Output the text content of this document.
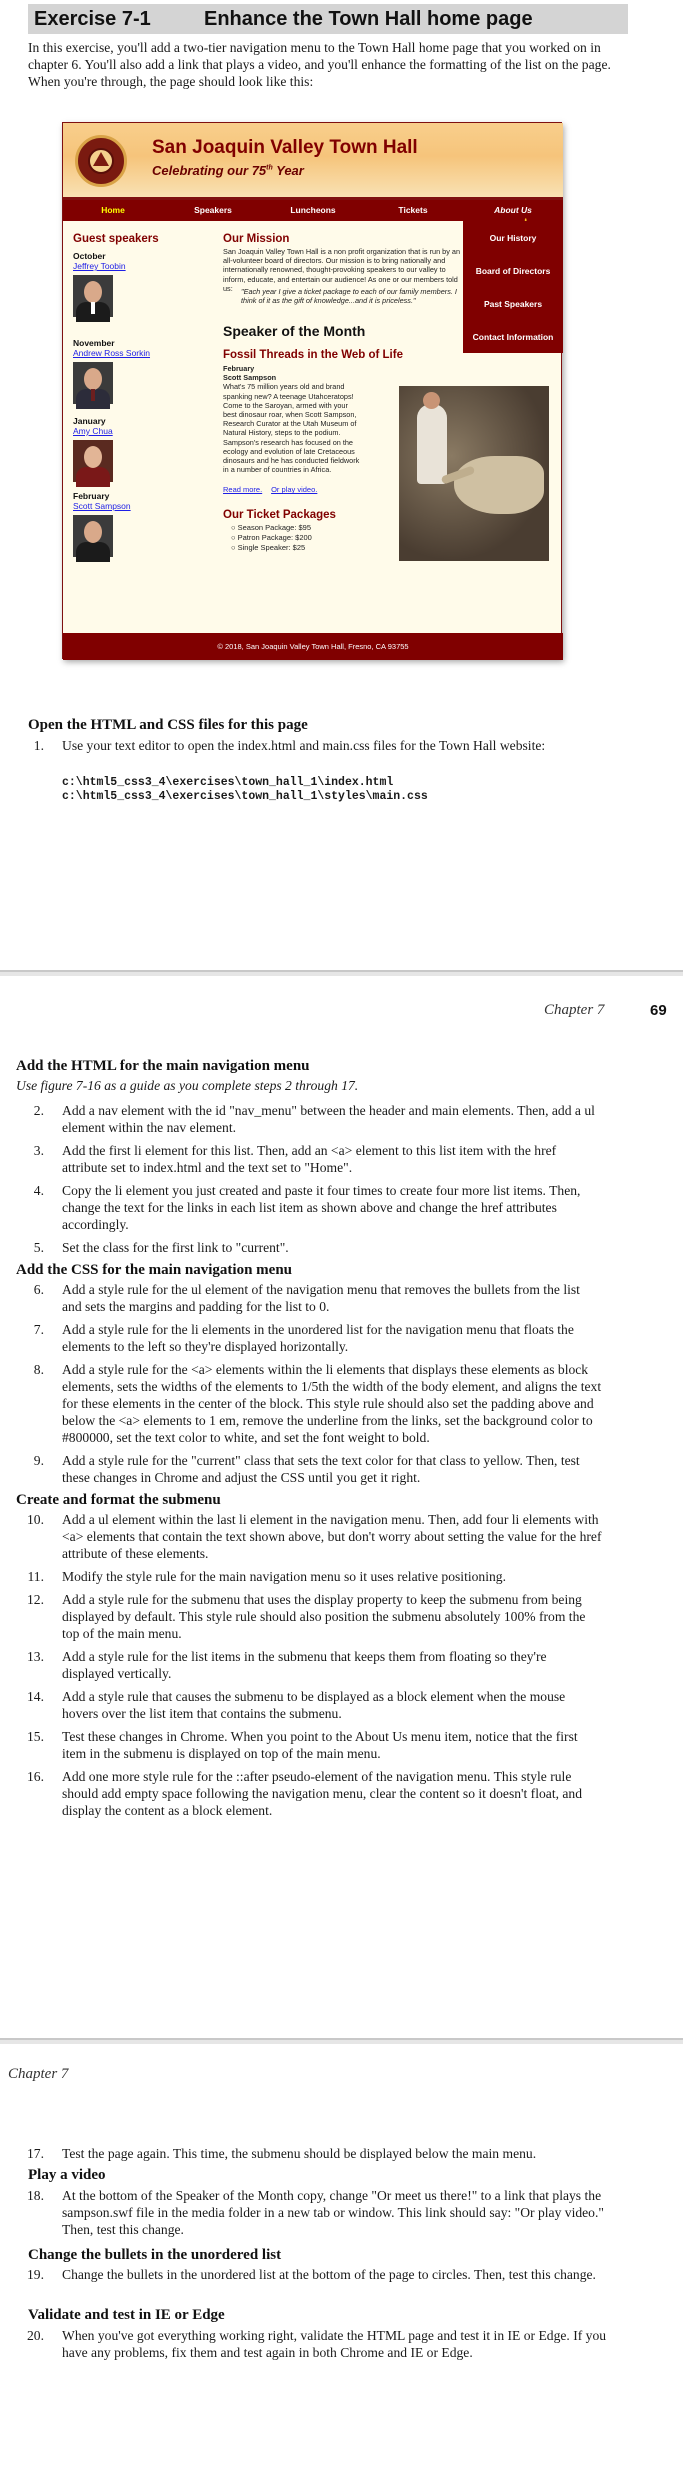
Exercise 7-1	Enhance the Town Hall home page

In this exercise, you'll add a two-tier navigation menu to the Town Hall home page that you worked on in chapter 6. You'll also add a link that plays a video, and you'll enhance the formatting of the list on the page. When you're through, the page should look like this:

San Joaquin Valley Town Hall
Celebrating our 75th Year
Home	Speakers	Luncheons	Tickets	About Us
Our History
Board of Directors
Past Speakers
Contact Information
Guest speakers
October
Jeffrey Toobin
November
Andrew Ross Sorkin
January
Amy Chua
February
Scott Sampson
Our Mission
San Joaquin Valley Town Hall is a non profit organization that is run by an all-volunteer board of directors. Our mission is to bring nationally and internationally renowned, thought-provoking speakers to our valley to inform, educate, and entertain our audience! As one or our members told us:	"Each year I give a ticket package to each of our family members. I think of it as the gift of knowledge...and it is priceless."
Speaker of the Month
Fossil Threads in the Web of Life
February
Scott Sampson
What's 75 million years old and brand spanking new? A teenage Utahceratops! Come to the Saroyan, armed with your best dinosaur roar, when Scott Sampson, Research Curator at the Utah Museum of Natural History, steps to the podium. Sampson's research has focused on the ecology and evolution of late Cretaceous dinosaurs and he has conducted fieldwork in a number of countries in Africa.
Read more. Or play video.
Our Ticket Packages
○ Season Package: $95
○ Patron Package: $200
○ Single Speaker: $25
© 2018, San Joaquin Valley Town Hall, Fresno, CA 93755
Open the HTML and CSS files for this page
1. Use your text editor to open the index.html and main.css files for the Town Hall website:
c:\html5_css3_4\exercises\town_hall_1\index.html
c:\html5_css3_4\exercises\town_hall_1\styles\main.css
Chapter 7	69
Add the HTML for the main navigation menu
Use figure 7-16 as a guide as you complete steps 2 through 17.
2. Add a nav element with the id "nav_menu" between the header and main elements. Then, add a ul element within the nav element.
3. Add the first li element for this list. Then, add an <a> element to this list item with the href attribute set to index.html and the text set to "Home".
4. Copy the li element you just created and paste it four times to create four more list items. Then, change the text for the links in each list item as shown above and change the href attributes accordingly.
5. Set the class for the first link to "current".
Add the CSS for the main navigation menu
6. Add a style rule for the ul element of the navigation menu that removes the bullets from the list and sets the margins and padding for the list to 0.
7. Add a style rule for the li elements in the unordered list for the navigation menu that floats the elements to the left so they're displayed horizontally.
8. Add a style rule for the <a> elements within the li elements that displays these elements as block elements, sets the widths of the elements to 1/5th the width of the body element, and aligns the text for these elements in the center of the block. This style rule should also set the padding above and below the <a> elements to 1 em, remove the underline from the links, set the background color to #800000, set the text color to white, and set the font weight to bold.
9. Add a style rule for the "current" class that sets the text color for that class to yellow. Then, test these changes in Chrome and adjust the CSS until you get it right.
Create and format the submenu
10. Add a ul element within the last li element in the navigation menu. Then, add four li elements with <a> elements that contain the text shown above, but don't worry about setting the value for the href attribute of these elements.
11. Modify the style rule for the main navigation menu so it uses relative positioning.
12. Add a style rule for the submenu that uses the display property to keep the submenu from being displayed by default. This style rule should also position the submenu absolutely 100% from the top of the main menu.
13. Add a style rule for the list items in the submenu that keeps them from floating so they're displayed vertically.
14. Add a style rule that causes the submenu to be displayed as a block element when the mouse hovers over the list item that contains the submenu.
15. Test these changes in Chrome. When you point to the About Us menu item, notice that the first item in the submenu is displayed on top of the main menu.
16. Add one more style rule for the ::after pseudo-element of the navigation menu. This style rule should add empty space following the navigation menu, clear the content so it doesn't float, and display the content as a block element.
Chapter 7
17. Test the page again. This time, the submenu should be displayed below the main menu.
Play a video
18. At the bottom of the Speaker of the Month copy, change "Or meet us there!" to a link that plays the sampson.swf file in the media folder in a new tab or window. This link should say: "Or play video." Then, test this change.
Change the bullets in the unordered list
19. Change the bullets in the unordered list at the bottom of the page to circles. Then, test this change.
Validate and test in IE or Edge
20. When you've got everything working right, validate the HTML page and test it in IE or Edge. If you have any problems, fix them and test again in both Chrome and IE or Edge.
